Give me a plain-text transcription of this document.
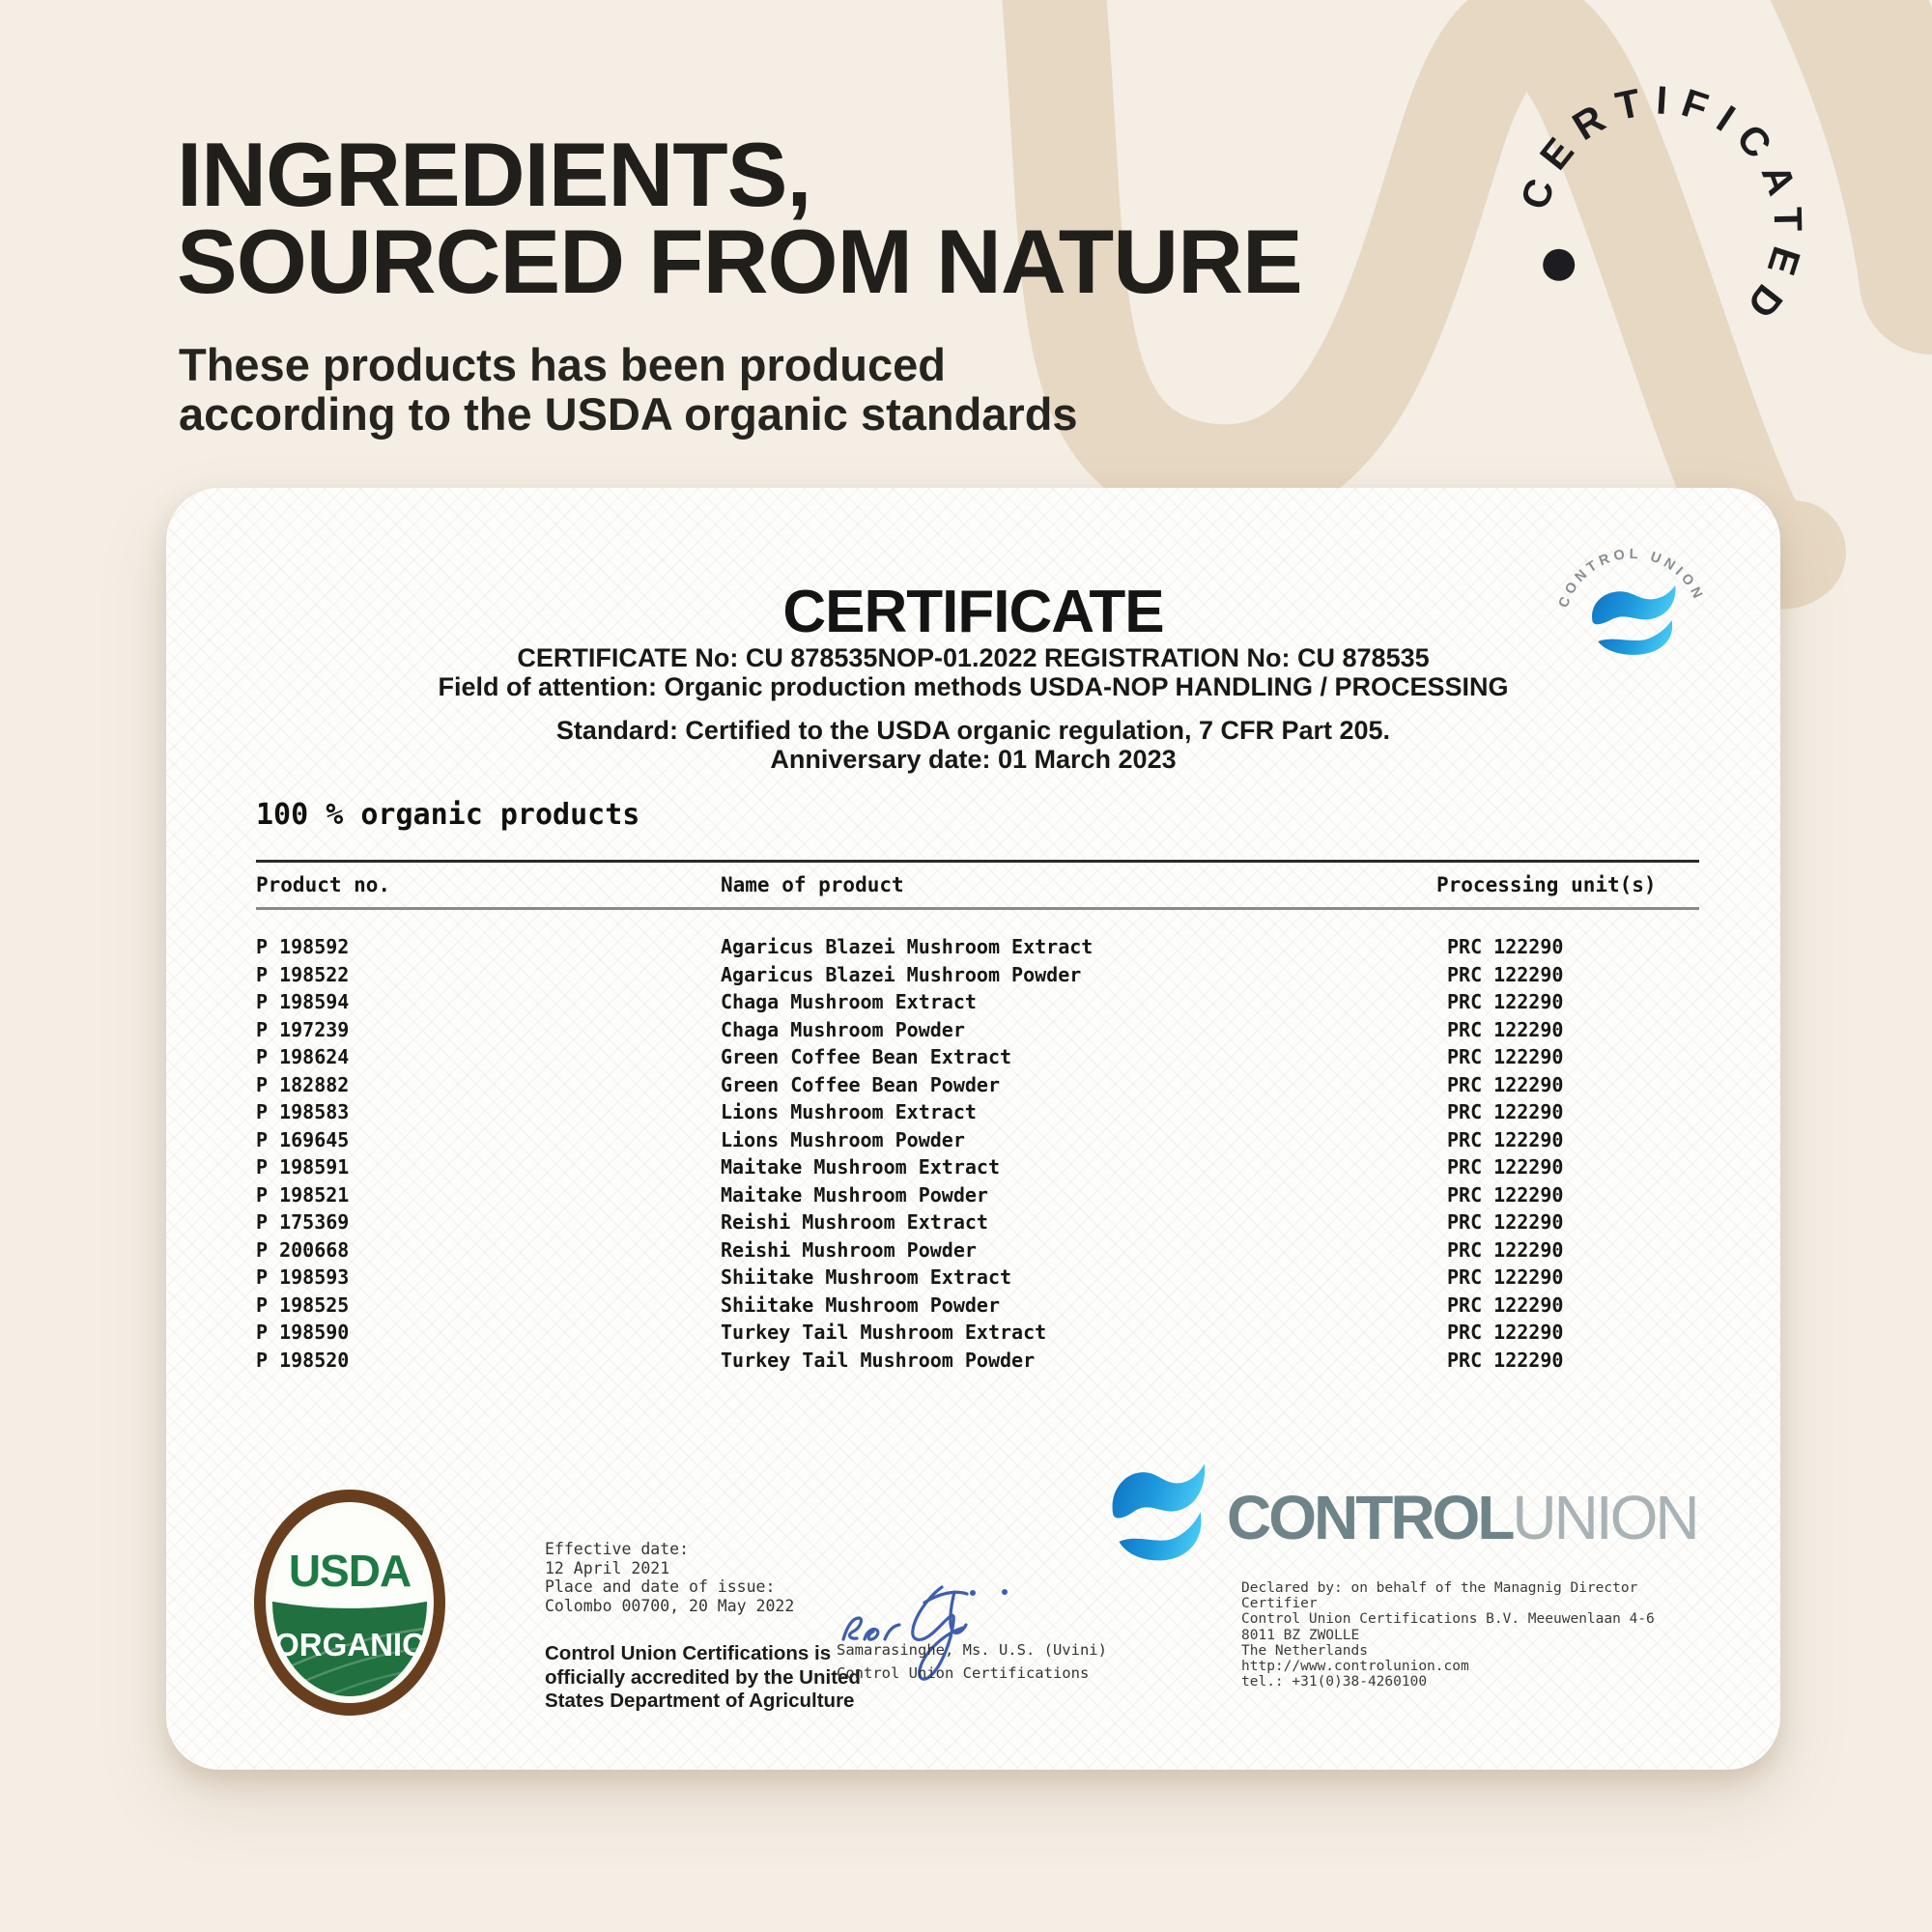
CERTIFICATED
INGREDIENTS,
SOURCED FROM NATURE
These products has been produced
according to the USDA organic standards
CONTROL UNION
CERTIFICATE
CERTIFICATE No: CU 878535NOP-01.2022 REGISTRATION No: CU 878535
Field of attention: Organic production methods USDA-NOP HANDLING / PROCESSING
Standard: Certified to the USDA organic regulation, 7 CFR Part 205.
Anniversary date: 01 March 2023
100 % organic products
Product no.	Name of product	Processing unit(s)
P 198592	Agaricus Blazei Mushroom Extract	PRC 122290
P 198522	Agaricus Blazei Mushroom Powder	PRC 122290
P 198594	Chaga Mushroom Extract	PRC 122290
P 197239	Chaga Mushroom Powder	PRC 122290
P 198624	Green Coffee Bean Extract	PRC 122290
P 182882	Green Coffee Bean Powder	PRC 122290
P 198583	Lions Mushroom Extract	PRC 122290
P 169645	Lions Mushroom Powder	PRC 122290
P 198591	Maitake Mushroom Extract	PRC 122290
P 198521	Maitake Mushroom Powder	PRC 122290
P 175369	Reishi Mushroom Extract	PRC 122290
P 200668	Reishi Mushroom Powder	PRC 122290
P 198593	Shiitake Mushroom Extract	PRC 122290
P 198525	Shiitake Mushroom Powder	PRC 122290
P 198590	Turkey Tail Mushroom Extract	PRC 122290
P 198520	Turkey Tail Mushroom Powder	PRC 122290
USDA
ORGANIC
Effective date:
12 April 2021
Place and date of issue:
Colombo 00700, 20 May 2022
Control Union Certifications is
officially accredited by the United
States Department of Agriculture
Samarasinghe, Ms. U.S. (Uvini)
Control Union Certifications
CONTROLUNION
Declared by: on behalf of the Managnig Director
Certifier
Control Union Certifications B.V. Meeuwenlaan 4-6
8011 BZ ZWOLLE
The Netherlands
http://www.controlunion.com
tel.: +31(0)38-4260100
